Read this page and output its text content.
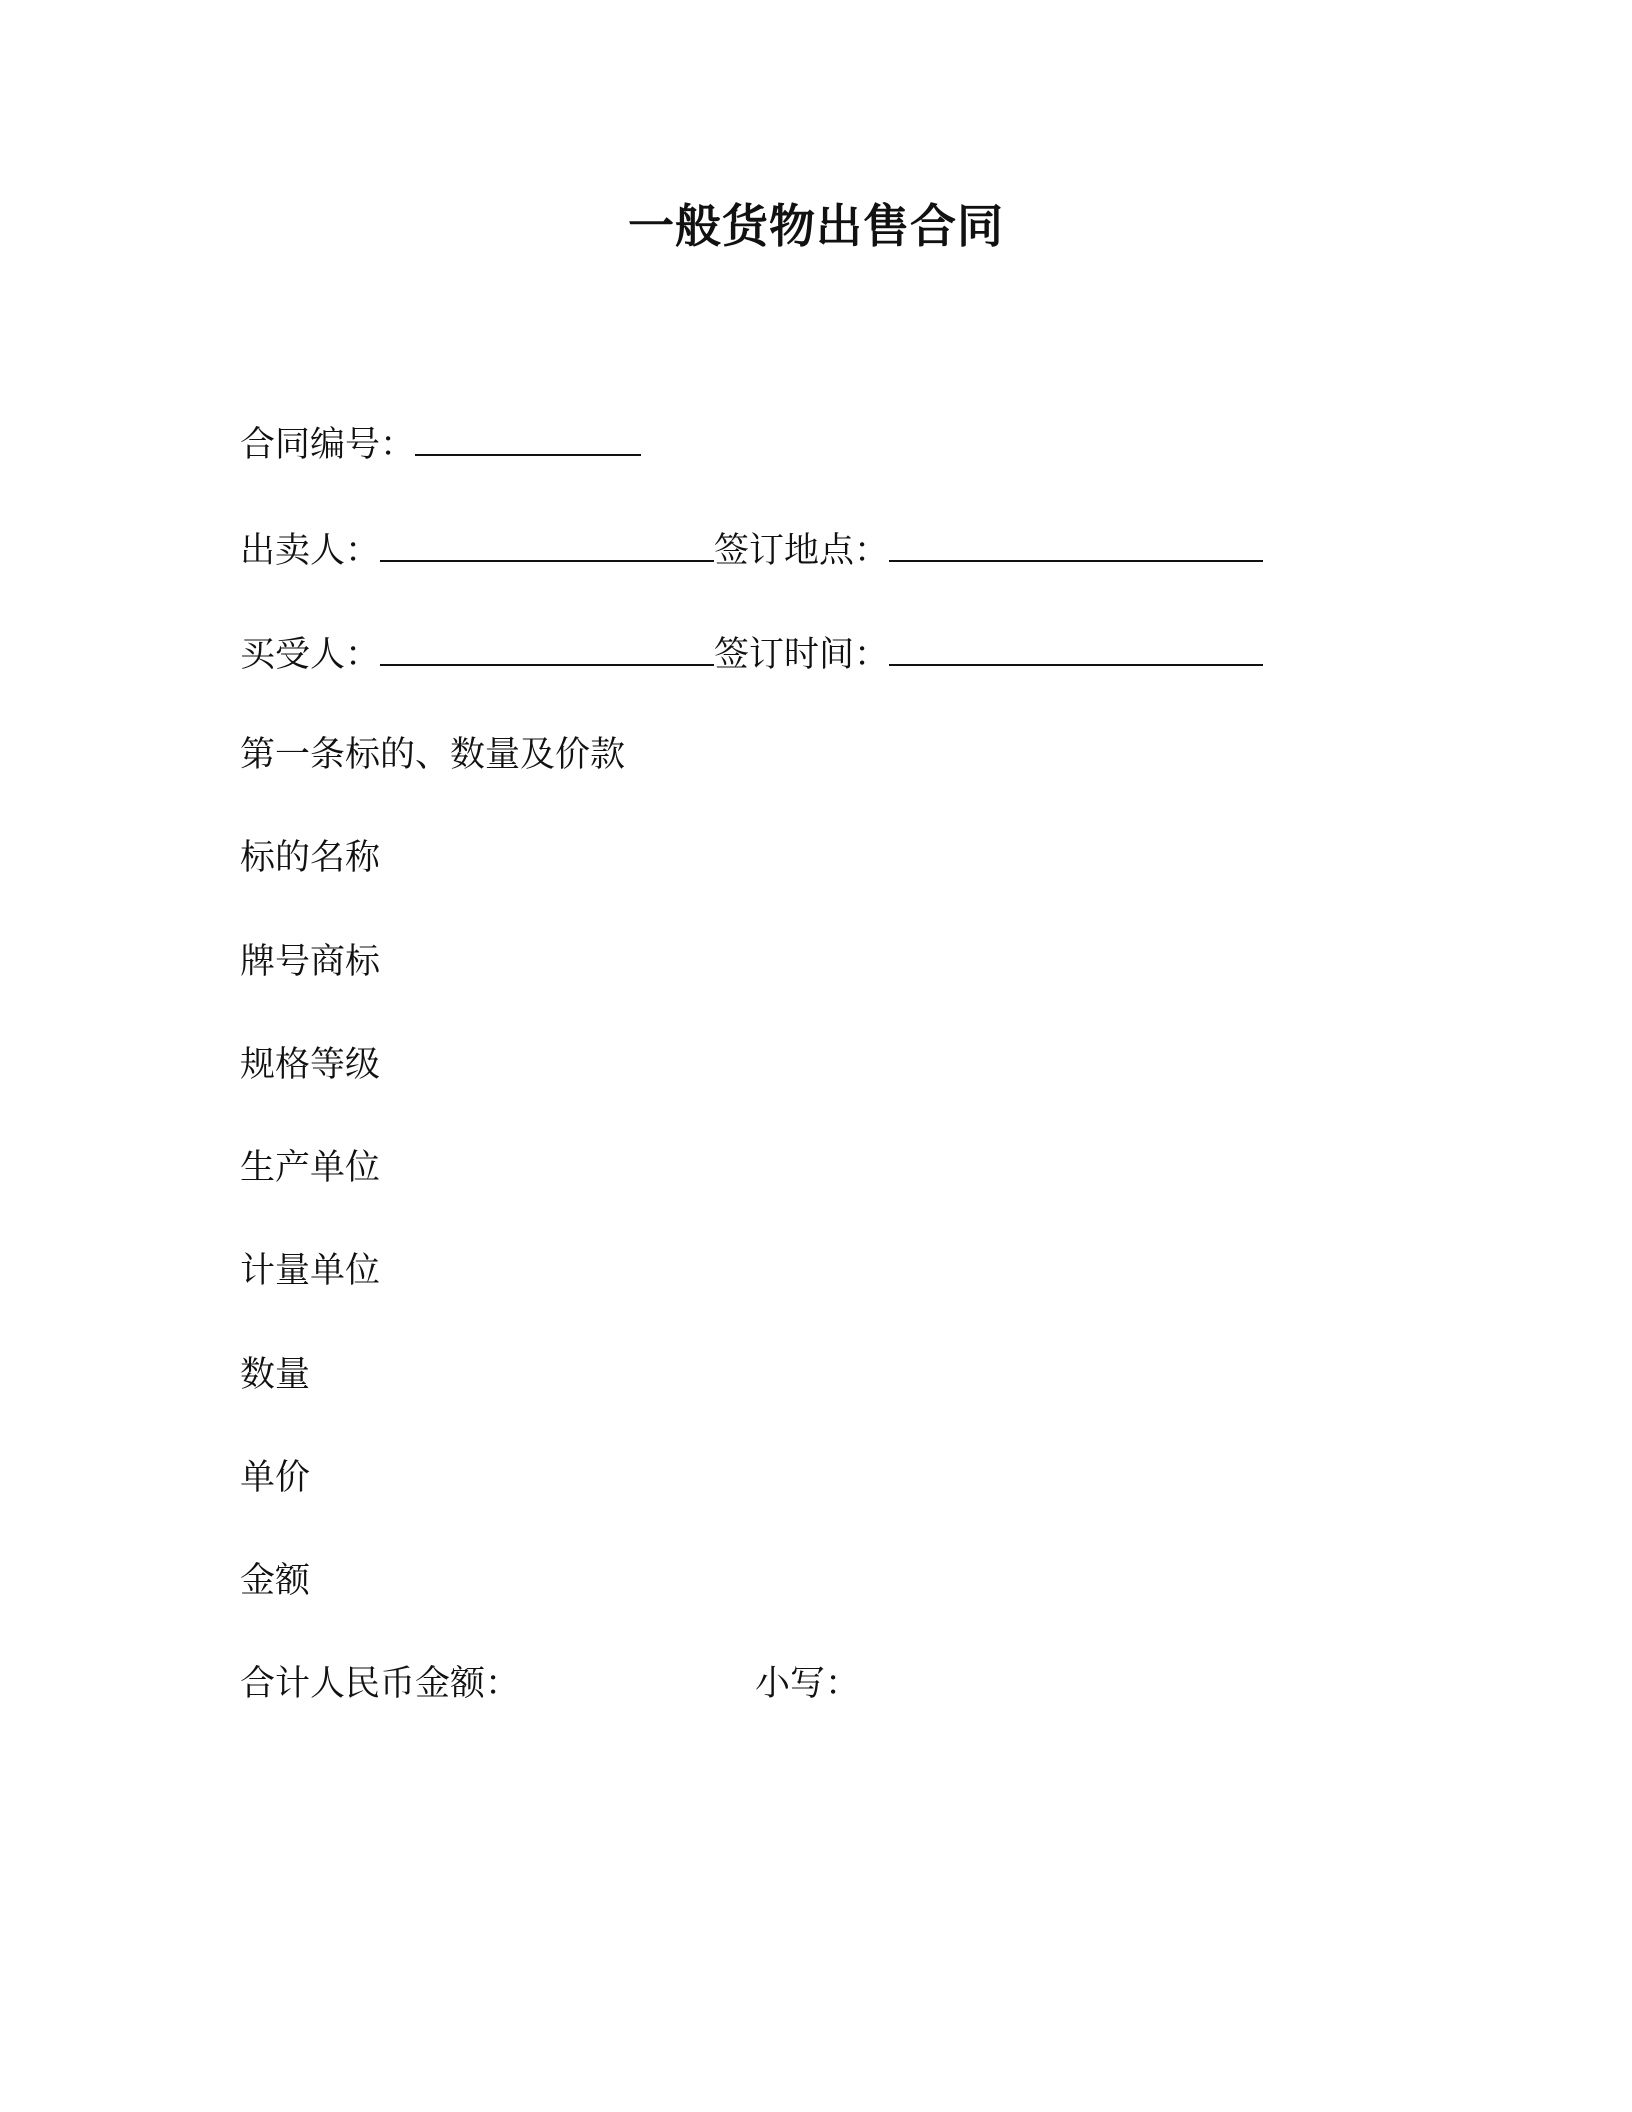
一般货物出售合同
合同编号：
出卖人：	签订地点：
买受人：	签订时间：
第一条标的、数量及价款
标的名称
牌号商标
规格等级
生产单位
计量单位
数量
单价
金额
合计人民币金额：	小写：
